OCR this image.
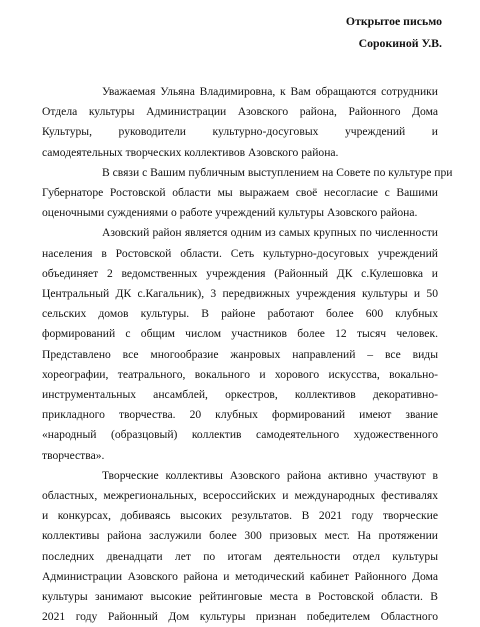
Открытое письмо
Сорокиной У.В.
Уважаемая Ульяна Владимировна, к Вам обращаются сотрудники
Отдела культуры Администрации Азовского района, Районного Дома
Культуры, руководители культурно-досуговых учреждений и
самодеятельных творческих коллективов Азовского района.
В связи с Вашим публичным выступлением на Совете по культуре при
Губернаторе Ростовской области мы выражаем своё несогласие с Вашими
оценочными суждениями о работе учреждений культуры Азовского района.
Азовский район является одним из самых крупных по численности
населения в Ростовской области. Сеть культурно-досуговых учреждений
объединяет 2 ведомственных учреждения (Районный ДК с.Кулешовка и
Центральный ДК с.Кагальник), 3 передвижных учреждения культуры и 50
сельских домов культуры. В районе работают более 600 клубных
формирований с общим числом участников более 12 тысяч человек.
Представлено все многообразие жанровых направлений – все виды
хореографии, театрального, вокального и хорового искусства, вокально-
инструментальных ансамблей, оркестров, коллективов декоративно-
прикладного творчества. 20 клубных формирований имеют звание
«народный (образцовый) коллектив самодеятельного художественного
творчества».
Творческие коллективы Азовского района активно участвуют в
областных, межрегиональных, всероссийских и международных фестивалях
и конкурсах, добиваясь высоких результатов. В 2021 году творческие
коллективы района заслужили более 300 призовых мест. На протяжении
последних двенадцати лет по итогам деятельности отдел культуры
Администрации Азовского района и методический кабинет Районного Дома
культуры занимают высокие рейтинговые места в Ростовской области. В
2021 году Районный Дом культуры признан победителем Областного
